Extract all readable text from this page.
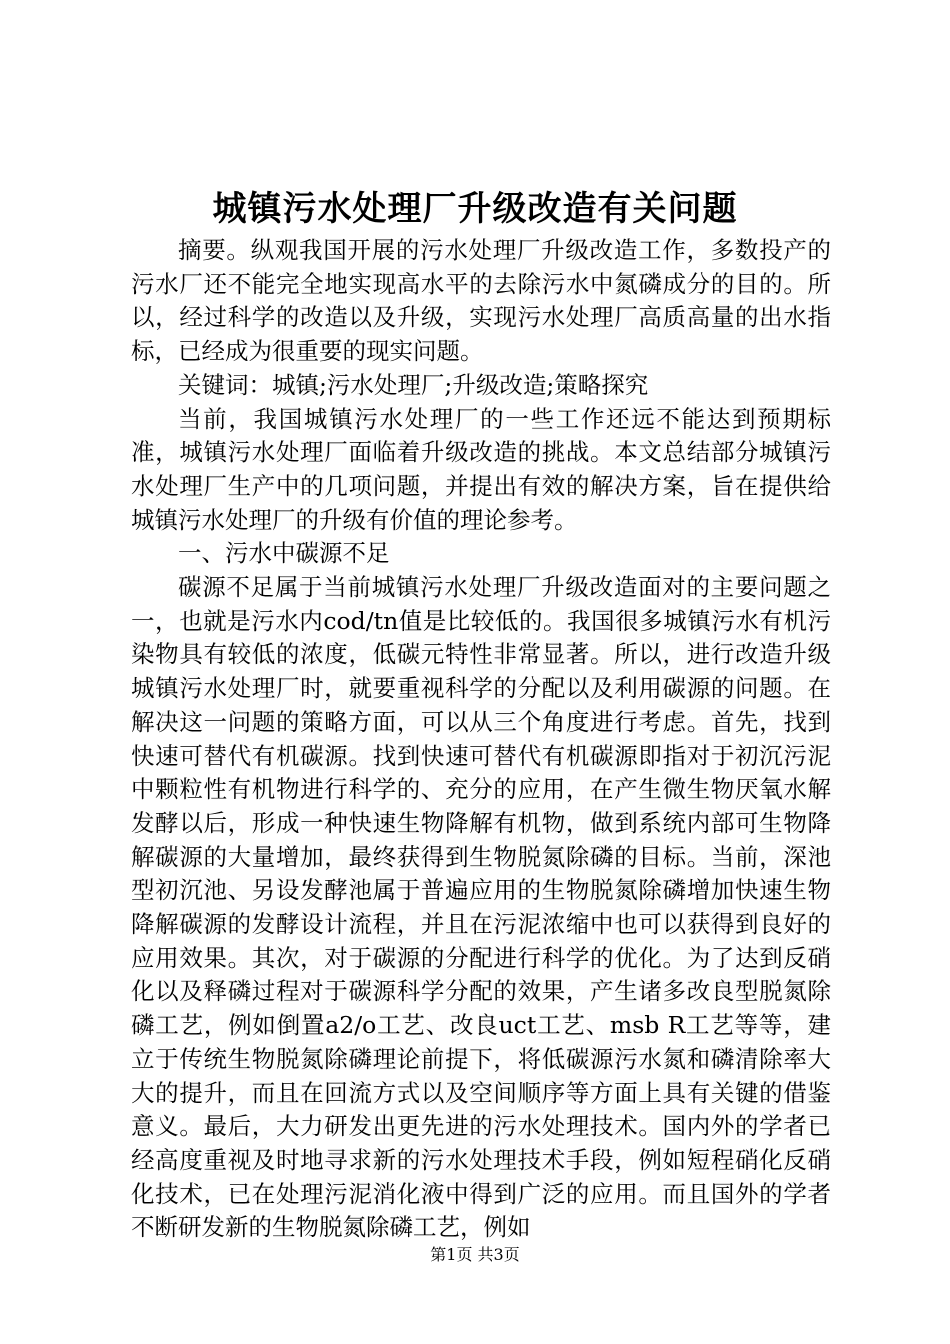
城镇污水处理厂升级改造有关问题

摘要。纵观我国开展的污水处理厂升级改造工作，多数投产的污水厂还不能完全地实现高水平的去除污水中氮磷成分的目的。所以，经过科学的改造以及升级，实现污水处理厂高质高量的出水指标，已经成为很重要的现实问题。

关键词：城镇;污水处理厂;升级改造;策略探究

当前，我国城镇污水处理厂的一些工作还远不能达到预期标准，城镇污水处理厂面临着升级改造的挑战。本文总结部分城镇污水处理厂生产中的几项问题，并提出有效的解决方案，旨在提供给城镇污水处理厂的升级有价值的理论参考。

一、污水中碳源不足

碳源不足属于当前城镇污水处理厂升级改造面对的主要问题之一，也就是污水内cod/tn值是比较低的。我国很多城镇污水有机污染物具有较低的浓度，低碳元特性非常显著。所以，进行改造升级城镇污水处理厂时，就要重视科学的分配以及利用碳源的问题。在解决这一问题的策略方面，可以从三个角度进行考虑。首先，找到快速可替代有机碳源。找到快速可替代有机碳源即指对于初沉污泥中颗粒性有机物进行科学的、充分的应用，在产生微生物厌氧水解发酵以后，形成一种快速生物降解有机物，做到系统内部可生物降解碳源的大量增加，最终获得到生物脱氮除磷的目标。当前，深池型初沉池、另设发酵池属于普遍应用的生物脱氮除磷增加快速生物降解碳源的发酵设计流程，并且在污泥浓缩中也可以获得到良好的应用效果。其次，对于碳源的分配进行科学的优化。为了达到反硝化以及释磷过程对于碳源科学分配的效果，产生诸多改良型脱氮除磷工艺，例如倒置a2/o工艺、改良uct工艺、msb R工艺等等，建立于传统生物脱氮除磷理论前提下，将低碳源污水氮和磷清除率大大的提升，而且在回流方式以及空间顺序等方面上具有关键的借鉴意义。最后，大力研发出更先进的污水处理技术。国内外的学者已经高度重视及时地寻求新的污水处理技术手段，例如短程硝化反硝化技术，已在处理污泥消化液中得到广泛的应用。而且国外的学者不断研发新的生物脱氮除磷工艺，例如

第1页 共3页
